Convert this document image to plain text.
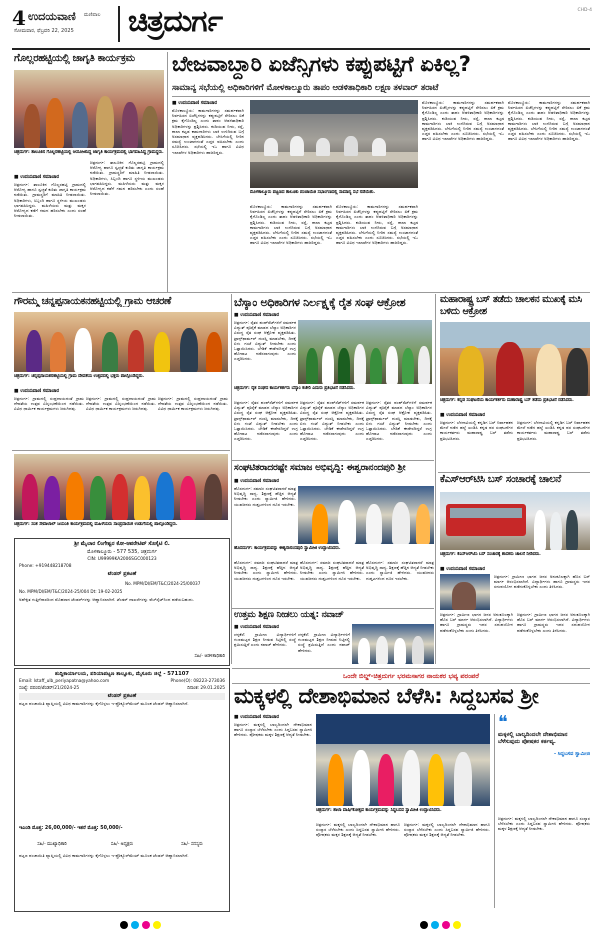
4 ಉದಯವಾಣಿ ಮಣಿಪಾಲ
ಸೋಮವಾರ, ಫೆಬ್ರವರಿ 22, 2025 ಚಿತ್ರದುರ್ಗ	CHD-4
ಗೊಲ್ಲರಹಟ್ಟಿಯಲ್ಲಿ ಜಾಗೃತಿ ಕಾರ್ಯಕ್ರಮ
ಚಿತ್ರದುರ್ಗ: ತಾಲೂಕಿನ ಗೊಲ್ಲರಹಟ್ಟಿಯಲ್ಲಿ ಆಯೋಜಿಸಿದ್ದ ಜಾಗೃತಿ ಕಾರ್ಯಕ್ರಮದಲ್ಲಿ ಭಾಗವಹಿಸಿದ್ದ ಗ್ರಾಮಸ್ಥರು.
■ ಉದಯವಾಣಿ ಸಮಾಚಾರ
ಚಿತ್ರದುರ್ಗ: ತಾಲೂಕಿನ ಗೊಲ್ಲರಹಟ್ಟಿ ಗ್ರಾಮದಲ್ಲಿ ಆರೋಗ್ಯ ಹಾಗೂ ಸ್ವಚ್ಛತೆ ಕುರಿತು ಜಾಗೃತಿ ಕಾರ್ಯಕ್ರಮ ನಡೆಯಿತು. ಗ್ರಾಮಸ್ಥರಿಗೆ ಮಾಹಿತಿ ನೀಡಲಾಯಿತು. ಅಧಿಕಾರಿಗಳು, ಸಿಬ್ಬಂದಿ ಹಾಗೂ ಸ್ಥಳೀಯ ಮುಖಂಡರು ಭಾಗವಹಿಸಿದ್ದರು. ಮಹಿಳೆಯರು ಮತ್ತು ಮಕ್ಕಳ ಆರೋಗ್ಯದ ಕಡೆಗೆ ಗಮನ ಹರಿಸಬೇಕು ಎಂದು ಸಲಹೆ ನೀಡಲಾಯಿತು.
ಚಿತ್ರದುರ್ಗ: ತಾಲೂಕಿನ ಗೊಲ್ಲರಹಟ್ಟಿ ಗ್ರಾಮದಲ್ಲಿ ಆರೋಗ್ಯ ಹಾಗೂ ಸ್ವಚ್ಛತೆ ಕುರಿತು ಜಾಗೃತಿ ಕಾರ್ಯಕ್ರಮ ನಡೆಯಿತು. ಗ್ರಾಮಸ್ಥರಿಗೆ ಮಾಹಿತಿ ನೀಡಲಾಯಿತು. ಅಧಿಕಾರಿಗಳು, ಸಿಬ್ಬಂದಿ ಹಾಗೂ ಸ್ಥಳೀಯ ಮುಖಂಡರು ಭಾಗವಹಿಸಿದ್ದರು. ಮಹಿಳೆಯರು ಮತ್ತು ಮಕ್ಕಳ ಆರೋಗ್ಯದ ಕಡೆಗೆ ಗಮನ ಹರಿಸಬೇಕು ಎಂದು ಸಲಹೆ ನೀಡಲಾಯಿತು.
ಬೇಜವಾಬ್ದಾರಿ ಏಜೆನ್ಸಿಗಳು ಕಪ್ಪುಪಟ್ಟಿಗೆ ಏಕಿಲ್ಲ?
ಸಾಮಾನ್ಯ ಸಭೆಯಲ್ಲಿ ಅಧಿಕಾರಿಗಳಿಗೆ ಮೋಳಕಾಲ್ಮೂರು ತಾಪಂ ಆಡಳಿತಾಧಿಕಾರಿ ಲಕ್ಷ್ಮಣ ತಳವಾರ್ ತರಾಟೆ
■ ಉದಯವಾಣಿ ಸಮಾಚಾರ
ಮೊಳಕಾಲ್ಮೂರು: ಕಾಮಗಾರಿಗಳನ್ನು ಸಮರ್ಪಕವಾಗಿ ನಿರ್ವಹಿಸದ ಏಜೆನ್ಸಿಗಳನ್ನು ಕಪ್ಪುಪಟ್ಟಿಗೆ ಸೇರಿಸಲು ಏಕೆ ಕ್ರಮ ಕೈಗೊಂಡಿಲ್ಲ ಎಂದು ತಾಪಂ ಆಡಳಿತಾಧಿಕಾರಿ ಅಧಿಕಾರಿಗಳನ್ನು ಪ್ರಶ್ನಿಸಿದರು. ಕುಡಿಯುವ ನೀರು, ರಸ್ತೆ, ಶಾಲಾ ಕಟ್ಟಡ ಕಾಮಗಾರಿಗಳು ಬಾಕಿ ಉಳಿದಿರುವ ಬಗ್ಗೆ ಅಸಮಾಧಾನ ವ್ಯಕ್ತಪಡಿಸಿದರು. ಬೇಸಿಗೆಯಲ್ಲಿ ನೀರಿನ ಸಮಸ್ಯೆ ಉಂಟಾಗದಂತೆ ಎಚ್ಚರ ವಹಿಸಬೇಕು ಎಂದು ಸೂಚಿಸಿದರು. ಸಭೆಯಲ್ಲಿ ಇಒ ಹಾಗೂ ವಿವಿಧ ಇಲಾಖೆಗಳ ಅಧಿಕಾರಿಗಳು ಹಾಜರಿದ್ದರು.
ಮೊಳಕಾಲ್ಮೂರು ಪಟ್ಟಣದ ತಾಲೂಕು ಪಂಚಾಯಿತಿ ಸಭಾಂಗಣದಲ್ಲಿ ಸಾಮಾನ್ಯ ಸಭೆ ನಡೆಯಿತು.
ಮೊಳಕಾಲ್ಮೂರು: ಕಾಮಗಾರಿಗಳನ್ನು ಸಮರ್ಪಕವಾಗಿ ನಿರ್ವಹಿಸದ ಏಜೆನ್ಸಿಗಳನ್ನು ಕಪ್ಪುಪಟ್ಟಿಗೆ ಸೇರಿಸಲು ಏಕೆ ಕ್ರಮ ಕೈಗೊಂಡಿಲ್ಲ ಎಂದು ತಾಪಂ ಆಡಳಿತಾಧಿಕಾರಿ ಅಧಿಕಾರಿಗಳನ್ನು ಪ್ರಶ್ನಿಸಿದರು. ಕುಡಿಯುವ ನೀರು, ರಸ್ತೆ, ಶಾಲಾ ಕಟ್ಟಡ ಕಾಮಗಾರಿಗಳು ಬಾಕಿ ಉಳಿದಿರುವ ಬಗ್ಗೆ ಅಸಮಾಧಾನ ವ್ಯಕ್ತಪಡಿಸಿದರು. ಬೇಸಿಗೆಯಲ್ಲಿ ನೀರಿನ ಸಮಸ್ಯೆ ಉಂಟಾಗದಂತೆ ಎಚ್ಚರ ವಹಿಸಬೇಕು ಎಂದು ಸೂಚಿಸಿದರು. ಸಭೆಯಲ್ಲಿ ಇಒ ಹಾಗೂ ವಿವಿಧ ಇಲಾಖೆಗಳ ಅಧಿಕಾರಿಗಳು ಹಾಜರಿದ್ದರು.
ಮೊಳಕಾಲ್ಮೂರು: ಕಾಮಗಾರಿಗಳನ್ನು ಸಮರ್ಪಕವಾಗಿ ನಿರ್ವಹಿಸದ ಏಜೆನ್ಸಿಗಳನ್ನು ಕಪ್ಪುಪಟ್ಟಿಗೆ ಸೇರಿಸಲು ಏಕೆ ಕ್ರಮ ಕೈಗೊಂಡಿಲ್ಲ ಎಂದು ತಾಪಂ ಆಡಳಿತಾಧಿಕಾರಿ ಅಧಿಕಾರಿಗಳನ್ನು ಪ್ರಶ್ನಿಸಿದರು. ಕುಡಿಯುವ ನೀರು, ರಸ್ತೆ, ಶಾಲಾ ಕಟ್ಟಡ ಕಾಮಗಾರಿಗಳು ಬಾಕಿ ಉಳಿದಿರುವ ಬಗ್ಗೆ ಅಸಮಾಧಾನ ವ್ಯಕ್ತಪಡಿಸಿದರು. ಬೇಸಿಗೆಯಲ್ಲಿ ನೀರಿನ ಸಮಸ್ಯೆ ಉಂಟಾಗದಂತೆ ಎಚ್ಚರ ವಹಿಸಬೇಕು ಎಂದು ಸೂಚಿಸಿದರು. ಸಭೆಯಲ್ಲಿ ಇಒ ಹಾಗೂ ವಿವಿಧ ಇಲಾಖೆಗಳ ಅಧಿಕಾರಿಗಳು ಹಾಜರಿದ್ದರು.
ಮೊಳಕಾಲ್ಮೂರು: ಕಾಮಗಾರಿಗಳನ್ನು ಸಮರ್ಪಕವಾಗಿ ನಿರ್ವಹಿಸದ ಏಜೆನ್ಸಿಗಳನ್ನು ಕಪ್ಪುಪಟ್ಟಿಗೆ ಸೇರಿಸಲು ಏಕೆ ಕ್ರಮ ಕೈಗೊಂಡಿಲ್ಲ ಎಂದು ತಾಪಂ ಆಡಳಿತಾಧಿಕಾರಿ ಅಧಿಕಾರಿಗಳನ್ನು ಪ್ರಶ್ನಿಸಿದರು. ಕುಡಿಯುವ ನೀರು, ರಸ್ತೆ, ಶಾಲಾ ಕಟ್ಟಡ ಕಾಮಗಾರಿಗಳು ಬಾಕಿ ಉಳಿದಿರುವ ಬಗ್ಗೆ ಅಸಮಾಧಾನ ವ್ಯಕ್ತಪಡಿಸಿದರು. ಬೇಸಿಗೆಯಲ್ಲಿ ನೀರಿನ ಸಮಸ್ಯೆ ಉಂಟಾಗದಂತೆ ಎಚ್ಚರ ವಹಿಸಬೇಕು ಎಂದು ಸೂಚಿಸಿದರು. ಸಭೆಯಲ್ಲಿ ಇಒ ಹಾಗೂ ವಿವಿಧ ಇಲಾಖೆಗಳ ಅಧಿಕಾರಿಗಳು ಹಾಜರಿದ್ದರು.
ಮೊಳಕಾಲ್ಮೂರು: ಕಾಮಗಾರಿಗಳನ್ನು ಸಮರ್ಪಕವಾಗಿ ನಿರ್ವಹಿಸದ ಏಜೆನ್ಸಿಗಳನ್ನು ಕಪ್ಪುಪಟ್ಟಿಗೆ ಸೇರಿಸಲು ಏಕೆ ಕ್ರಮ ಕೈಗೊಂಡಿಲ್ಲ ಎಂದು ತಾಪಂ ಆಡಳಿತಾಧಿಕಾರಿ ಅಧಿಕಾರಿಗಳನ್ನು ಪ್ರಶ್ನಿಸಿದರು. ಕುಡಿಯುವ ನೀರು, ರಸ್ತೆ, ಶಾಲಾ ಕಟ್ಟಡ ಕಾಮಗಾರಿಗಳು ಬಾಕಿ ಉಳಿದಿರುವ ಬಗ್ಗೆ ಅಸಮಾಧಾನ ವ್ಯಕ್ತಪಡಿಸಿದರು. ಬೇಸಿಗೆಯಲ್ಲಿ ನೀರಿನ ಸಮಸ್ಯೆ ಉಂಟಾಗದಂತೆ ಎಚ್ಚರ ವಹಿಸಬೇಕು ಎಂದು ಸೂಚಿಸಿದರು. ಸಭೆಯಲ್ಲಿ ಇಒ ಹಾಗೂ ವಿವಿಧ ಇಲಾಖೆಗಳ ಅಧಿಕಾರಿಗಳು ಹಾಜರಿದ್ದರು.
ಗೌರಮ್ಮ ಚನ್ನಪ್ಪನಾಯಕನಹಟ್ಟಿಯಲ್ಲಿ ಗ್ರಾಮ ಆಚರಣೆ
ಚಿತ್ರದುರ್ಗ: ಚನ್ನಪ್ಪನಾಯಕನಹಟ್ಟಿಯಲ್ಲಿ ಗ್ರಾಮ ದೇವತೆಯ ಉತ್ಸವದಲ್ಲಿ ಭಕ್ತರು ಪಾಲ್ಗೊಂಡಿದ್ದರು.
■ ಉದಯವಾಣಿ ಸಮಾಚಾರ
ಚಿತ್ರದುರ್ಗ: ಗ್ರಾಮದಲ್ಲಿ ಸಂಪ್ರದಾಯದಂತೆ ಗ್ರಾಮ ದೇವತೆಯ ಉತ್ಸವ ವಿಜೃಂಭಣೆಯಿಂದ ನಡೆಯಿತು. ವಿವಿಧ ಧಾರ್ಮಿಕ ಕಾರ್ಯಕ್ರಮಗಳು ಜರುಗಿದವು.
ಚಿತ್ರದುರ್ಗ: ಗ್ರಾಮದಲ್ಲಿ ಸಂಪ್ರದಾಯದಂತೆ ಗ್ರಾಮ ದೇವತೆಯ ಉತ್ಸವ ವಿಜೃಂಭಣೆಯಿಂದ ನಡೆಯಿತು. ವಿವಿಧ ಧಾರ್ಮಿಕ ಕಾರ್ಯಕ್ರಮಗಳು ಜರುಗಿದವು.
ಚಿತ್ರದುರ್ಗ: ಗ್ರಾಮದಲ್ಲಿ ಸಂಪ್ರದಾಯದಂತೆ ಗ್ರಾಮ ದೇವತೆಯ ಉತ್ಸವ ವಿಜೃಂಭಣೆಯಿಂದ ನಡೆಯಿತು. ವಿವಿಧ ಧಾರ್ಮಿಕ ಕಾರ್ಯಕ್ರಮಗಳು ಜರುಗಿದವು.
ಬೆಸ್ಕಾಂ ಅಧಿಕಾರಿಗಳ ನಿರ್ಲಕ್ಷ್ಯಕ್ಕೆ ರೈತ ಸಂಘ ಆಕ್ರೋಶ
■ ಉದಯವಾಣಿ ಸಮಾಚಾರ
ಚಿತ್ರದುರ್ಗ: ರೈತರ ಪಂಪ್‌ಸೆಟ್‌ಗಳಿಗೆ ಸಮರ್ಪಕ ವಿದ್ಯುತ್ ಪೂರೈಕೆ ಮಾಡದ ಬೆಸ್ಕಾಂ ಅಧಿಕಾರಿಗಳ ವಿರುದ್ಧ ರೈತ ಸಂಘ ಆಕ್ರೋಶ ವ್ಯಕ್ತಪಡಿಸಿತು. ಟ್ರಾನ್ಸ್‌ಫಾರ್ಮರ್ ದುರಸ್ತಿ ಮಾಡಬೇಕು, ದಿನಕ್ಕೆ ಏಳು ಗಂಟೆ ವಿದ್ಯುತ್ ನೀಡಬೇಕು ಎಂದು ಒತ್ತಾಯಿಸಿದರು. ಬೇಡಿಕೆ ಈಡೇರದಿದ್ದರೆ ಉಗ್ರ ಹೋರಾಟ ನಡೆಸಲಾಗುವುದು ಎಂದು ಎಚ್ಚರಿಸಿದರು.
ಚಿತ್ರದುರ್ಗ: ರೈತ ಸಂಘದ ಕಾರ್ಯಕರ್ತರು ಬೆಸ್ಕಾಂ ಕಚೇರಿ ಎದುರು ಪ್ರತಿಭಟನೆ ನಡೆಸಿದರು.
ಚಿತ್ರದುರ್ಗ: ರೈತರ ಪಂಪ್‌ಸೆಟ್‌ಗಳಿಗೆ ಸಮರ್ಪಕ ವಿದ್ಯುತ್ ಪೂರೈಕೆ ಮಾಡದ ಬೆಸ್ಕಾಂ ಅಧಿಕಾರಿಗಳ ವಿರುದ್ಧ ರೈತ ಸಂಘ ಆಕ್ರೋಶ ವ್ಯಕ್ತಪಡಿಸಿತು. ಟ್ರಾನ್ಸ್‌ಫಾರ್ಮರ್ ದುರಸ್ತಿ ಮಾಡಬೇಕು, ದಿನಕ್ಕೆ ಏಳು ಗಂಟೆ ವಿದ್ಯುತ್ ನೀಡಬೇಕು ಎಂದು ಒತ್ತಾಯಿಸಿದರು. ಬೇಡಿಕೆ ಈಡೇರದಿದ್ದರೆ ಉಗ್ರ ಹೋರಾಟ ನಡೆಸಲಾಗುವುದು ಎಂದು ಎಚ್ಚರಿಸಿದರು.
ಚಿತ್ರದುರ್ಗ: ರೈತರ ಪಂಪ್‌ಸೆಟ್‌ಗಳಿಗೆ ಸಮರ್ಪಕ ವಿದ್ಯುತ್ ಪೂರೈಕೆ ಮಾಡದ ಬೆಸ್ಕಾಂ ಅಧಿಕಾರಿಗಳ ವಿರುದ್ಧ ರೈತ ಸಂಘ ಆಕ್ರೋಶ ವ್ಯಕ್ತಪಡಿಸಿತು. ಟ್ರಾನ್ಸ್‌ಫಾರ್ಮರ್ ದುರಸ್ತಿ ಮಾಡಬೇಕು, ದಿನಕ್ಕೆ ಏಳು ಗಂಟೆ ವಿದ್ಯುತ್ ನೀಡಬೇಕು ಎಂದು ಒತ್ತಾಯಿಸಿದರು. ಬೇಡಿಕೆ ಈಡೇರದಿದ್ದರೆ ಉಗ್ರ ಹೋರಾಟ ನಡೆಸಲಾಗುವುದು ಎಂದು ಎಚ್ಚರಿಸಿದರು.
ಚಿತ್ರದುರ್ಗ: ರೈತರ ಪಂಪ್‌ಸೆಟ್‌ಗಳಿಗೆ ಸಮರ್ಪಕ ವಿದ್ಯುತ್ ಪೂರೈಕೆ ಮಾಡದ ಬೆಸ್ಕಾಂ ಅಧಿಕಾರಿಗಳ ವಿರುದ್ಧ ರೈತ ಸಂಘ ಆಕ್ರೋಶ ವ್ಯಕ್ತಪಡಿಸಿತು. ಟ್ರಾನ್ಸ್‌ಫಾರ್ಮರ್ ದುರಸ್ತಿ ಮಾಡಬೇಕು, ದಿನಕ್ಕೆ ಏಳು ಗಂಟೆ ವಿದ್ಯುತ್ ನೀಡಬೇಕು ಎಂದು ಒತ್ತಾಯಿಸಿದರು. ಬೇಡಿಕೆ ಈಡೇರದಿದ್ದರೆ ಉಗ್ರ ಹೋರಾಟ ನಡೆಸಲಾಗುವುದು ಎಂದು ಎಚ್ಚರಿಸಿದರು.
ಮಹಾರಾಷ್ಟ್ರ ಬಸ್ ತಡೆದು ಚಾಲಕನ ಮುಖಕ್ಕೆ ಮಸಿ ಬಳಿದು ಆಕ್ರೋಶ
ಚಿತ್ರದುರ್ಗ: ಕನ್ನಡ ಸಂಘಟನೆಯ ಕಾರ್ಯಕರ್ತರು ಮಹಾರಾಷ್ಟ್ರ ಬಸ್ ತಡೆದು ಪ್ರತಿಭಟನೆ ನಡೆಸಿದರು.
■ ಉದಯವಾಣಿ ಸಮಾಚಾರ
ಚಿತ್ರದುರ್ಗ: ಬೆಳಗಾವಿಯಲ್ಲಿ ಕನ್ನಡಿಗ ಬಸ್ ನಿರ್ವಾಹಕನ ಮೇಲೆ ನಡೆದ ಹಲ್ಲೆ ಖಂಡಿಸಿ ಕನ್ನಡ ಪರ ಸಂಘಟನೆಗಳ ಕಾರ್ಯಕರ್ತರು ಮಹಾರಾಷ್ಟ್ರ ಬಸ್ ತಡೆದು ಪ್ರತಿಭಟಿಸಿದರು.
ಚಿತ್ರದುರ್ಗ: ಬೆಳಗಾವಿಯಲ್ಲಿ ಕನ್ನಡಿಗ ಬಸ್ ನಿರ್ವಾಹಕನ ಮೇಲೆ ನಡೆದ ಹಲ್ಲೆ ಖಂಡಿಸಿ ಕನ್ನಡ ಪರ ಸಂಘಟನೆಗಳ ಕಾರ್ಯಕರ್ತರು ಮಹಾರಾಷ್ಟ್ರ ಬಸ್ ತಡೆದು ಪ್ರತಿಭಟಿಸಿದರು.
ಚಿತ್ರದುರ್ಗ: ಸಂತ ಸೇವಾಲಾಲ್ ಜಯಂತಿ ಕಾರ್ಯಕ್ರಮದಲ್ಲಿ ಮಹಿಳೆಯರು ಸಾಂಪ್ರದಾಯಿಕ ಉಡುಗೆಯಲ್ಲಿ ಪಾಲ್ಗೊಂಡಿದ್ದರು.
ಶ್ರೀ ಮೈಲಾರ ಲಿಂಗೇಶ್ವರ ಕೋ-ಆಪರೇಟಿವ್ ಸೊಸೈಟಿ ಲಿ.
ಮೊಳಕಾಲ್ಮೂರು - 577 535, ಚಿತ್ರದುರ್ಗ
CIN: U99999KA2006SGC000123
Phone: +919448218708
ಟೆಂಡರ್ ಪ್ರಕಟಣೆ
No. MPM/DI/EM/T&C/2024-25/00037
No. MPM/DI/EM/T&C/2024-25/004 Dt: 19-02-2025
ಅಪೇಕ್ಷಿತ ಗುತ್ತಿಗೆದಾರರಿಂದ ಮೊಹರಾದ ಟೆಂಡರ್‌ಗಳನ್ನು ಆಹ್ವಾನಿಸಲಾಗಿದೆ. ಟೆಂಡರ್ ದಾಖಲೆಗಳನ್ನು ವೆಬ್‌ಸೈಟ್‌ನಿಂದ ಪಡೆಯಬಹುದು.
ಸಹಿ/- ಆಡಳಿತಾಧಿಕಾರಿ
ಕೆಎಸ್‌ಆರ್‌ಟಿಸಿ ಬಸ್ ಸಂಚಾರಕ್ಕೆ ಚಾಲನೆ
ಚಿತ್ರದುರ್ಗ: ಕೆಎಸ್‌ಆರ್‌ಟಿಸಿ ಬಸ್ ಸಂಚಾರಕ್ಕೆ ಶಾಸಕರು ಚಾಲನೆ ನೀಡಿದರು.
■ ಉದಯವಾಣಿ ಸಮಾಚಾರ
ಚಿತ್ರದುರ್ಗ: ಗ್ರಾಮೀಣ ಭಾಗದ ಜನರ ಅನುಕೂಲಕ್ಕಾಗಿ ಹೊಸ ಬಸ್ ಮಾರ್ಗ ಆರಂಭಿಸಲಾಗಿದೆ. ವಿದ್ಯಾರ್ಥಿಗಳು ಹಾಗೂ ಗ್ರಾಮಸ್ಥರು ಇದರ ಸದುಪಯೋಗ ಪಡೆದುಕೊಳ್ಳಬೇಕು ಎಂದು ತಿಳಿಸಿದರು.
ಚಿತ್ರದುರ್ಗ: ಗ್ರಾಮೀಣ ಭಾಗದ ಜನರ ಅನುಕೂಲಕ್ಕಾಗಿ ಹೊಸ ಬಸ್ ಮಾರ್ಗ ಆರಂಭಿಸಲಾಗಿದೆ. ವಿದ್ಯಾರ್ಥಿಗಳು ಹಾಗೂ ಗ್ರಾಮಸ್ಥರು ಇದರ ಸದುಪಯೋಗ ಪಡೆದುಕೊಳ್ಳಬೇಕು ಎಂದು ತಿಳಿಸಿದರು.
ಚಿತ್ರದುರ್ಗ: ಗ್ರಾಮೀಣ ಭಾಗದ ಜನರ ಅನುಕೂಲಕ್ಕಾಗಿ ಹೊಸ ಬಸ್ ಮಾರ್ಗ ಆರಂಭಿಸಲಾಗಿದೆ. ವಿದ್ಯಾರ್ಥಿಗಳು ಹಾಗೂ ಗ್ರಾಮಸ್ಥರು ಇದರ ಸದುಪಯೋಗ ಪಡೆದುಕೊಳ್ಳಬೇಕು ಎಂದು ತಿಳಿಸಿದರು.
ಸಂಘಟಿತರಾದರಷ್ಟೇ ಸಮಾಜ ಅಭಿವೃದ್ಧಿ: ಈಶ್ವರಾನಂದಪುರಿ ಶ್ರೀ
■ ಉದಯವಾಣಿ ಸಮಾಚಾರ
ಹೊಸದುರ್ಗ: ಸಮಾಜ ಸಂಘಟಿತರಾದರೆ ಮಾತ್ರ ಅಭಿವೃದ್ಧಿ ಸಾಧ್ಯ. ಶಿಕ್ಷಣಕ್ಕೆ ಹೆಚ್ಚಿನ ಆದ್ಯತೆ ನೀಡಬೇಕು ಎಂದು ಸ್ವಾಮೀಜಿ ಹೇಳಿದರು. ಯುವಜನರು ದುಶ್ಚಟಗಳಿಂದ ದೂರ ಇರಬೇಕು.
ಹೊಸದುರ್ಗ: ಕಾರ್ಯಕ್ರಮವನ್ನು ಈಶ್ವರಾನಂದಪುರಿ ಸ್ವಾಮೀಜಿ ಉದ್ಘಾಟಿಸಿದರು.
ಹೊಸದುರ್ಗ: ಸಮಾಜ ಸಂಘಟಿತರಾದರೆ ಮಾತ್ರ ಅಭಿವೃದ್ಧಿ ಸಾಧ್ಯ. ಶಿಕ್ಷಣಕ್ಕೆ ಹೆಚ್ಚಿನ ಆದ್ಯತೆ ನೀಡಬೇಕು ಎಂದು ಸ್ವಾಮೀಜಿ ಹೇಳಿದರು. ಯುವಜನರು ದುಶ್ಚಟಗಳಿಂದ ದೂರ ಇರಬೇಕು.
ಹೊಸದುರ್ಗ: ಸಮಾಜ ಸಂಘಟಿತರಾದರೆ ಮಾತ್ರ ಅಭಿವೃದ್ಧಿ ಸಾಧ್ಯ. ಶಿಕ್ಷಣಕ್ಕೆ ಹೆಚ್ಚಿನ ಆದ್ಯತೆ ನೀಡಬೇಕು ಎಂದು ಸ್ವಾಮೀಜಿ ಹೇಳಿದರು. ಯುವಜನರು ದುಶ್ಚಟಗಳಿಂದ ದೂರ ಇರಬೇಕು.
ಹೊಸದುರ್ಗ: ಸಮಾಜ ಸಂಘಟಿತರಾದರೆ ಮಾತ್ರ ಅಭಿವೃದ್ಧಿ ಸಾಧ್ಯ. ಶಿಕ್ಷಣಕ್ಕೆ ಹೆಚ್ಚಿನ ಆದ್ಯತೆ ನೀಡಬೇಕು ಎಂದು ಸ್ವಾಮೀಜಿ ಹೇಳಿದರು. ಯುವಜನರು ದುಶ್ಚಟಗಳಿಂದ ದೂರ ಇರಬೇಕು.
ಉತ್ತಮ ಶಿಕ್ಷಣ ನೀಡಲು ಯತ್ನ: ನವಾಜ್
■ ಉದಯವಾಣಿ ಸಮಾಚಾರ
ಚಳ್ಳಕೆರೆ: ಗ್ರಾಮೀಣ ವಿದ್ಯಾರ್ಥಿಗಳಿಗೆ ಗುಣಮಟ್ಟದ ಶಿಕ್ಷಣ ನೀಡುವ ನಿಟ್ಟಿನಲ್ಲಿ ಸಂಸ್ಥೆ ಶ್ರಮಿಸುತ್ತಿದೆ ಎಂದು ನವಾಜ್ ಹೇಳಿದರು.
ಚಳ್ಳಕೆರೆ: ಗ್ರಾಮೀಣ ವಿದ್ಯಾರ್ಥಿಗಳಿಗೆ ಗುಣಮಟ್ಟದ ಶಿಕ್ಷಣ ನೀಡುವ ನಿಟ್ಟಿನಲ್ಲಿ ಸಂಸ್ಥೆ ಶ್ರಮಿಸುತ್ತಿದೆ ಎಂದು ನವಾಜ್ ಹೇಳಿದರು.
ಒಂದೇ ಬಿಲ್ಡ್-ಚಿತ್ರದುರ್ಗ ಭರಮಸಾಗರ ನಾಯಕರ ಭವ್ಯ ಪರಂಪರೆ
ಶುದ್ದಿಕಾರ್ಯಾಲಯ, ಪರಿಯಾಪಟ್ಟಣ ತಾಲ್ಲೂಕು, ಮೈಸೂರು ಜಿಲ್ಲೆ - 571107
Email: lstaff_ulb_periyapatna@yahoo.com	Phone(O): 08223-273036
ಸಂಖ್ಯೆ: ಪಪಂಪ/ಟೆಂಡರ್/21/2024-25	ದಿನಾಂಕ: 29.01.2025
ಟೆಂಡರ್ ಪ್ರಕಟಣೆ
ಪಟ್ಟಣ ಪಂಚಾಯಿತಿ ವ್ಯಾಪ್ತಿಯಲ್ಲಿ ವಿವಿಧ ಕಾಮಗಾರಿಗಳನ್ನು ಕೈಗೊಳ್ಳಲು ಇ-ಪ್ರೊಕ್ಯೂರ್‌ಮೆಂಟ್ ಮೂಲಕ ಟೆಂಡರ್ ಆಹ್ವಾನಿಸಲಾಗಿದೆ.
ಇಎಂಡಿ ಮೊತ್ತ: 26,00,000/- ಇತರೆ ಮೊತ್ತ: 50,000/-
ಸಹಿ/- ಮುಖ್ಯಾಧಿಕಾರಿ	ಸಹಿ/- ಅಧ್ಯಕ್ಷರು	ಸಹಿ/- ಸದಸ್ಯರು
ಪಟ್ಟಣ ಪಂಚಾಯಿತಿ ವ್ಯಾಪ್ತಿಯಲ್ಲಿ ವಿವಿಧ ಕಾಮಗಾರಿಗಳನ್ನು ಕೈಗೊಳ್ಳಲು ಇ-ಪ್ರೊಕ್ಯೂರ್‌ಮೆಂಟ್ ಮೂಲಕ ಟೆಂಡರ್ ಆಹ್ವಾನಿಸಲಾಗಿದೆ.
ಮಕ್ಕಳಲ್ಲಿ ದೇಶಾಭಿಮಾನ ಬೆಳೆಸಿ: ಸಿದ್ದಬಸವ ಶ್ರೀ
■ ಉದಯವಾಣಿ ಸಮಾಚಾರ
ಚಿತ್ರದುರ್ಗ: ಮಕ್ಕಳಲ್ಲಿ ಬಾಲ್ಯದಿಂದಲೇ ದೇಶಾಭಿಮಾನ ಹಾಗೂ ಸಂಸ್ಕಾರ ಬೆಳೆಸಬೇಕು ಎಂದು ಸಿದ್ದಬಸವ ಸ್ವಾಮೀಜಿ ಹೇಳಿದರು. ಪೋಷಕರು ಮಕ್ಕಳ ಶಿಕ್ಷಣಕ್ಕೆ ಆದ್ಯತೆ ನೀಡಬೇಕು.
ಚಿತ್ರದುರ್ಗ: ಶಾಲಾ ವಾರ್ಷಿಕೋತ್ಸವ ಕಾರ್ಯಕ್ರಮವನ್ನು ಸಿದ್ದಬಸವ ಸ್ವಾಮೀಜಿ ಉದ್ಘಾಟಿಸಿದರು.
ಚಿತ್ರದುರ್ಗ: ಮಕ್ಕಳಲ್ಲಿ ಬಾಲ್ಯದಿಂದಲೇ ದೇಶಾಭಿಮಾನ ಹಾಗೂ ಸಂಸ್ಕಾರ ಬೆಳೆಸಬೇಕು ಎಂದು ಸಿದ್ದಬಸವ ಸ್ವಾಮೀಜಿ ಹೇಳಿದರು. ಪೋಷಕರು ಮಕ್ಕಳ ಶಿಕ್ಷಣಕ್ಕೆ ಆದ್ಯತೆ ನೀಡಬೇಕು.
ಚಿತ್ರದುರ್ಗ: ಮಕ್ಕಳಲ್ಲಿ ಬಾಲ್ಯದಿಂದಲೇ ದೇಶಾಭಿಮಾನ ಹಾಗೂ ಸಂಸ್ಕಾರ ಬೆಳೆಸಬೇಕು ಎಂದು ಸಿದ್ದಬಸವ ಸ್ವಾಮೀಜಿ ಹೇಳಿದರು. ಪೋಷಕರು ಮಕ್ಕಳ ಶಿಕ್ಷಣಕ್ಕೆ ಆದ್ಯತೆ ನೀಡಬೇಕು.
❝
ಮಕ್ಕಳಲ್ಲಿ ಬಾಲ್ಯದಿಂದಲೇ ದೇಶಾಭಿಮಾನ ಬೆಳೆಸುವುದು ಪೋಷಕರ ಕರ್ತವ್ಯ.
- ಸಿದ್ದಬಸವ ಸ್ವಾಮೀಜಿ
ಚಿತ್ರದುರ್ಗ: ಮಕ್ಕಳಲ್ಲಿ ಬಾಲ್ಯದಿಂದಲೇ ದೇಶಾಭಿಮಾನ ಹಾಗೂ ಸಂಸ್ಕಾರ ಬೆಳೆಸಬೇಕು ಎಂದು ಸಿದ್ದಬಸವ ಸ್ವಾಮೀಜಿ ಹೇಳಿದರು. ಪೋಷಕರು ಮಕ್ಕಳ ಶಿಕ್ಷಣಕ್ಕೆ ಆದ್ಯತೆ ನೀಡಬೇಕು.
